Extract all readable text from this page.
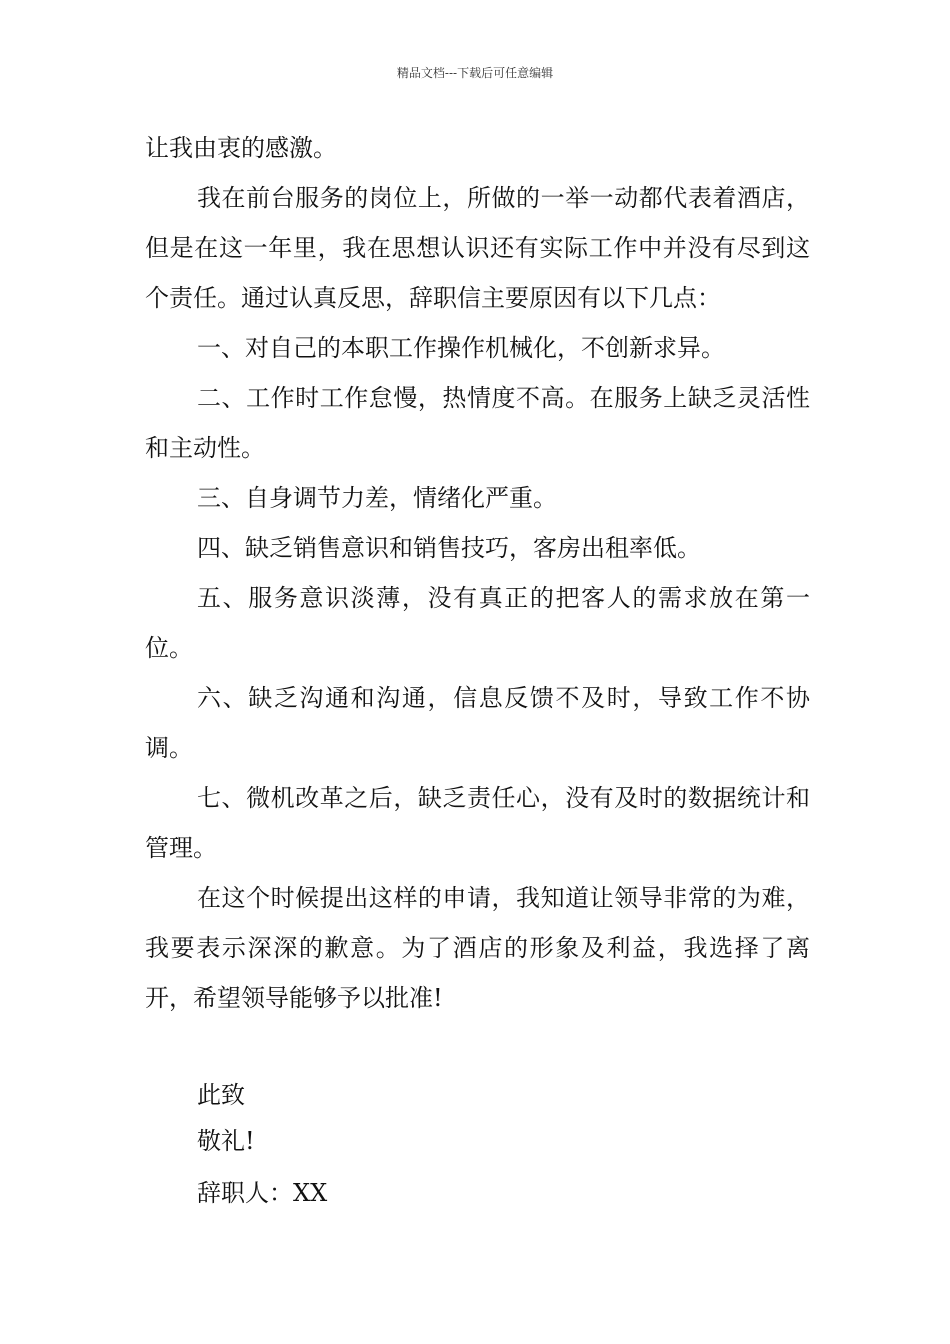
精品文档---下载后可任意编辑

让我由衷的感激。

我在前台服务的岗位上，所做的一举一动都代表着酒店，但是在这一年里，我在思想认识还有实际工作中并没有尽到这个责任。通过认真反思，辞职信主要原因有以下几点：

一、对自己的本职工作操作机械化，不创新求异。

二、工作时工作怠慢，热情度不高。在服务上缺乏灵活性和主动性。

三、自身调节力差，情绪化严重。

四、缺乏销售意识和销售技巧，客房出租率低。

五、服务意识淡薄，没有真正的把客人的需求放在第一位。

六、缺乏沟通和沟通，信息反馈不及时，导致工作不协调。

七、微机改革之后，缺乏责任心，没有及时的数据统计和管理。

在这个时候提出这样的申请，我知道让领导非常的为难，我要表示深深的歉意。为了酒店的形象及利益，我选择了离开，希望领导能够予以批准!

此致
敬礼!
辞职人：XX
